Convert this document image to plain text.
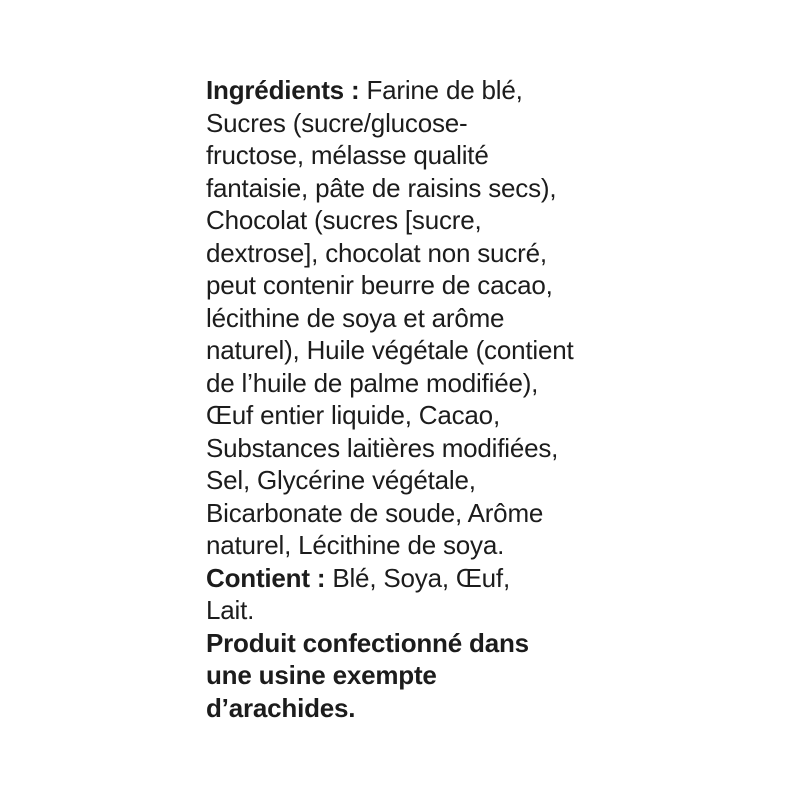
Ingrédients : Farine de blé,
Sucres (sucre/glucose-
fructose, mélasse qualité
fantaisie, pâte de raisins secs),
Chocolat (sucres [sucre,
dextrose], chocolat non sucré,
peut contenir beurre de cacao,
lécithine de soya et arôme
naturel), Huile végétale (contient
de l’huile de palme modifiée),
Œuf entier liquide, Cacao,
Substances laitières modifiées,
Sel, Glycérine végétale,
Bicarbonate de soude, Arôme
naturel, Lécithine de soya.
Contient : Blé, Soya, Œuf,
Lait.
Produit confectionné dans
une usine exempte
d’arachides.
